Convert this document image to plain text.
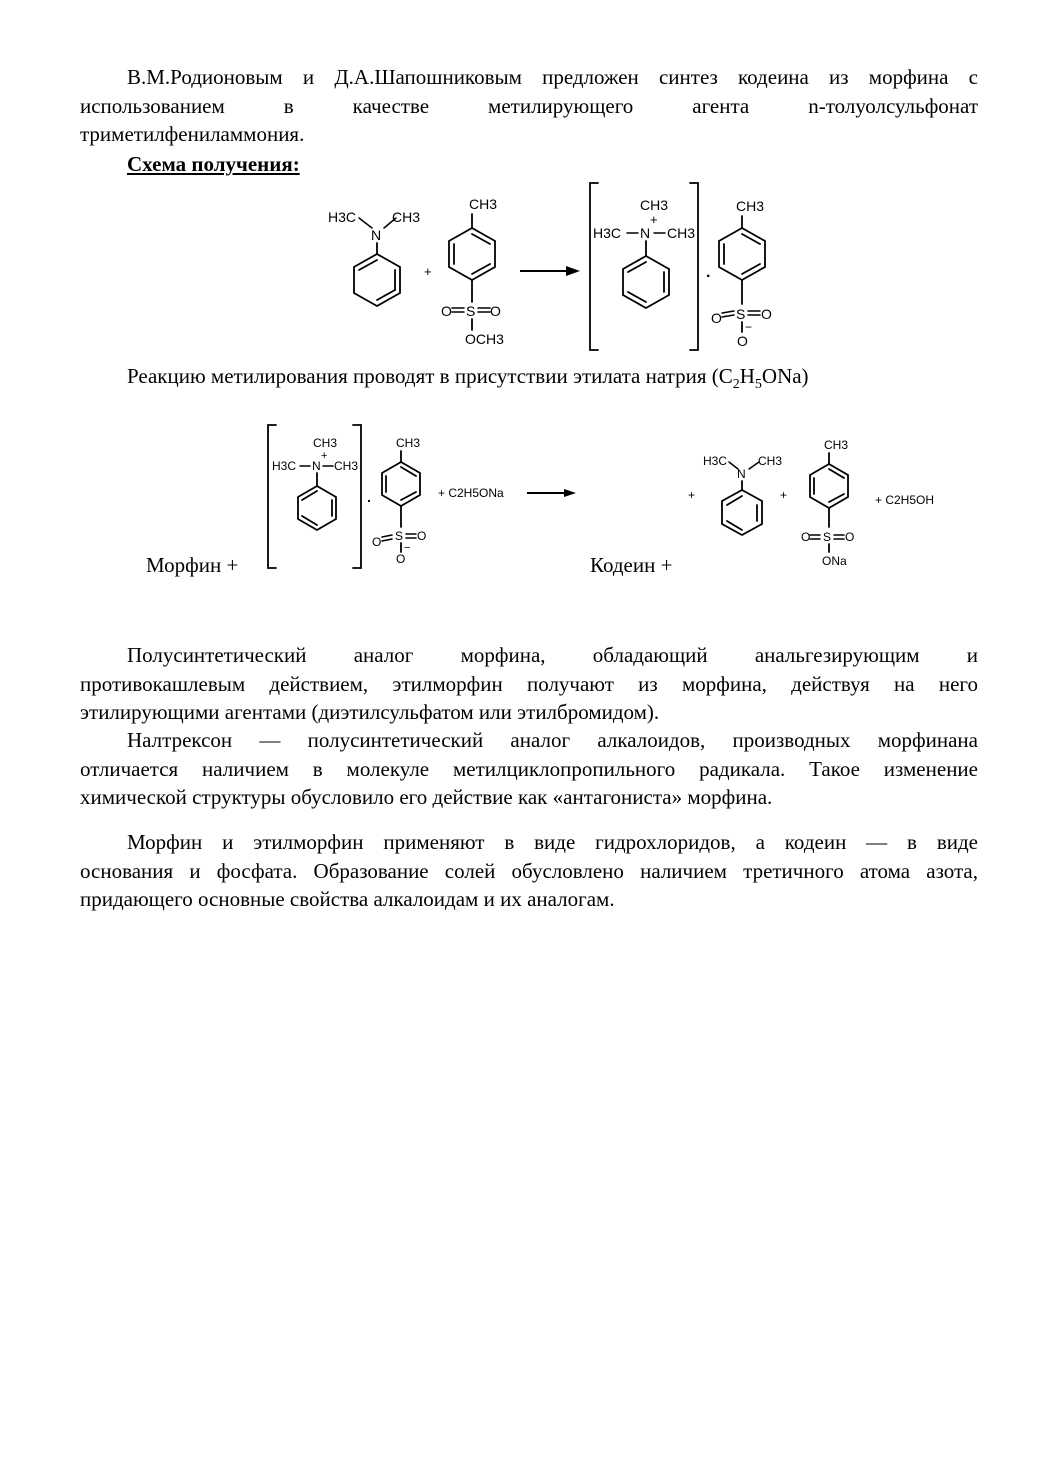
В.М.Родионовым и Д.А.Шапошниковым предложен синтез кодеина из морфина с
использованием в качестве метилирующего агента n-толуолсульфонат
триметилфениламмония.
Схема получения:
H3C	CH3
N
+
CH3
O S O
OCH3
CH3
+
H3C N CH3
.
CH3
O S O
−
O
Реакцию метилирования проводят в присутствии этилата натрия $(C_2H_5ONa)$
CH3
+
H3C N CH3
.
CH3
O S O
−
O
+ C2H5ONa	+
H3C	CH3
N
+
CH3
O S O
ONa
+ C2H5OH
Морфин +	Кодеин +
Полусинтетический аналог морфина, обладающий анальгезирующим и
противокашлевым действием, этилморфин получают из морфина, действуя на него
этилирующими агентами (диэтилсульфатом или этилбромидом).
Налтрексон — полусинтетический аналог алкалоидов, производных морфинана
отличается наличием в молекуле метилциклопропильного радикала. Такое изменение
химической структуры обусловило его действие как «антагониста» морфина.
Морфин и этилморфин применяют в виде гидрохлоридов, а кодеин — в виде
основания и фосфата. Образование солей обусловлено наличием третичного атома азота,
придающего основные свойства алкалоидам и их аналогам.
